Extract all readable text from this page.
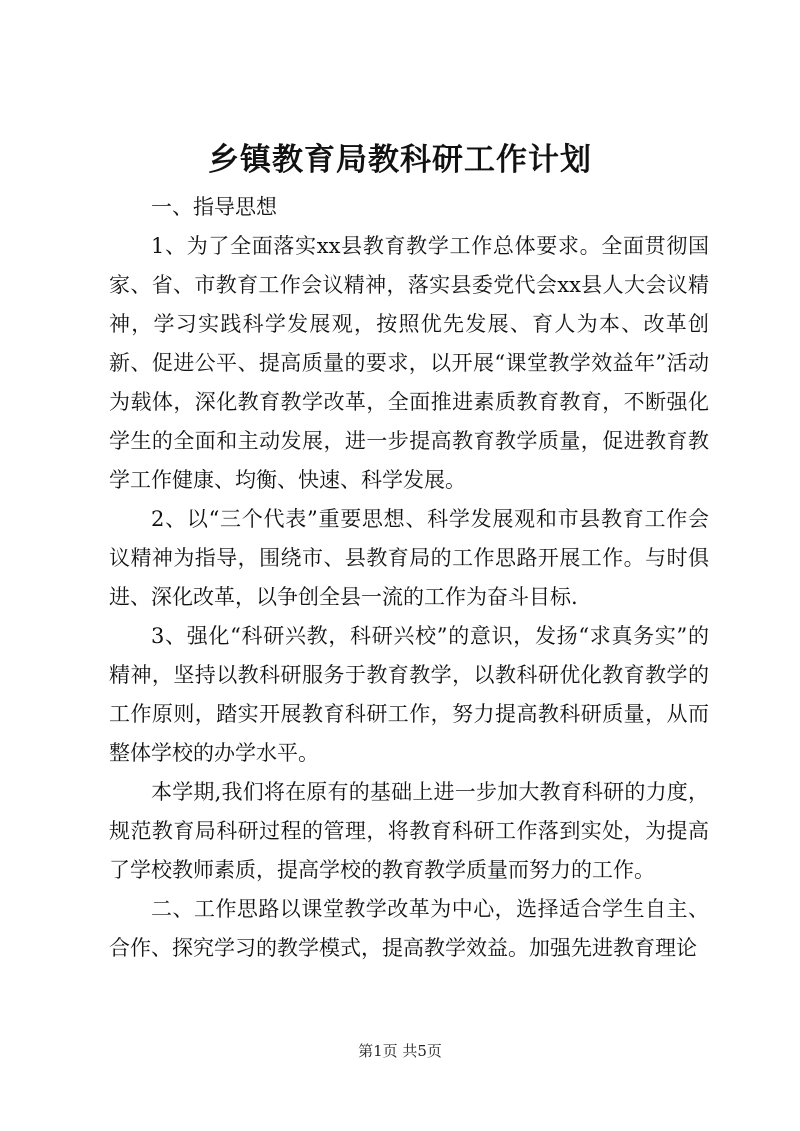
乡镇教育局教科研工作计划

一、指导思想

1、为了全面落实xx县教育教学工作总体要求。全面贯彻国家、省、市教育工作会议精神，落实县委党代会xx县人大会议精神，学习实践科学发展观，按照优先发展、育人为本、改革创新、促进公平、提高质量的要求，以开展“课堂教学效益年”活动为载体，深化教育教学改革，全面推进素质教育教育，不断强化学生的全面和主动发展，进一步提高教育教学质量，促进教育教学工作健康、均衡、快速、科学发展。

2、以“三个代表”重要思想、科学发展观和市县教育工作会议精神为指导，围绕市、县教育局的工作思路开展工作。与时俱进、深化改革，以争创全县一流的工作为奋斗目标.

3、强化“科研兴教，科研兴校”的意识，发扬“求真务实”的精神，坚持以教科研服务于教育教学，以教科研优化教育教学的工作原则，踏实开展教育科研工作，努力提高教科研质量，从而整体学校的办学水平。

本学期,我们将在原有的基础上进一步加大教育科研的力度，规范教育局科研过程的管理，将教育科研工作落到实处，为提高了学校教师素质，提高学校的教育教学质量而努力的工作。

二、工作思路以课堂教学改革为中心，选择适合学生自主、合作、探究学习的教学模式，提高教学效益。加强先进教育理论

第1页 共5页
